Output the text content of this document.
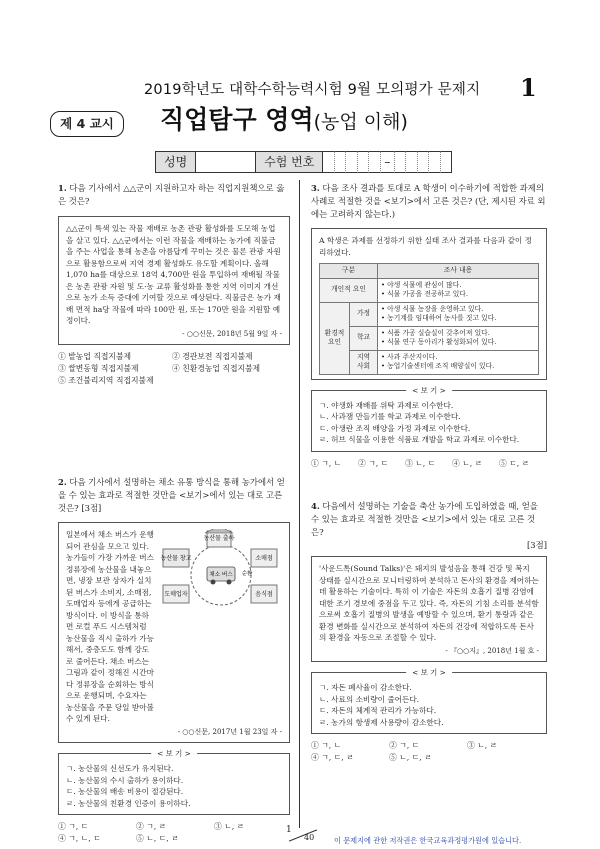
2019학년도 대학수학능력시험 9월 모의평가 문제지 1
제 4 교시	직업탐구 영역(농업 이해)
성명	수험 번호	–
1. 다음 기사에서 △△군이 지원하고자 하는 직업지원책으로 옳은 것은?
△△군이 특색 있는 작물 재배로 농촌 관광 활성화를 도모해 농업을 살고 있다. △△군에서는 이런 작물을 재배하는 농가에 직불금을 주는 사업을 통해 농촌을 아름답게 꾸미는 것은 물론 관광 자원으로 활용함으로써 지역 경제 활성화도 유도할 계획이다. 올해 1,070 ha를 대상으로 18억 4,700만 원을 투입하여 재배될 작물은 농촌 관광 자원 및 도·농 교류 활성화를 통한 지역 이미지 개선으로 농가 소득 증대에 기여할 것으로 예상된다. 직불금은 농가 재배 면적 ha당 작물에 따라 100만 원, 또는 170만 원을 지원할 예정이다.
- ○○신문, 2018년 5월 9일 자 -
① 밭농업 직접지불제	② 경관보전 직접지불제
③ 쌀변동형 직접지불제	④ 친환경농업 직접지불제
⑤ 조건불리지역 직접지불제
2. 다음 기사에서 설명하는 채소 유통 방식을 통해 농가에서 얻을 수 있는 효과로 적절한 것만을 <보기>에서 있는 대로 고른 것은? [3점]
농산물 출하
소매점
음식점
도매업자
농산물 창고
채소 버스 순환
일본에서 채소 버스가 운행되어 관심을 모으고 있다. 농가들이 가장 가까운 버스 정류장에 농산물을 내놓으면, 냉장 보관 상자가 실치된 버스가 소비지, 소매점, 도매업자 등에게 공급하는 방식이다. 이 방식을 통하면 로컬 푸드 시스템처럼 농산물을 직시 출하가 가능해서, 중층도도 함께 강도로 줄어든다. 채소 버스는 그림과 같이 정해진 시간마다 정류장을 순회하는 방식으로 운행되며, 수요자는 농산물을 주문 당일 받아볼 수 있게 된다.
- ○○신문, 2017년 1월 23일 자 -
< 보 기 >
ㄱ. 농산물의 신선도가 유지된다.
ㄴ. 농산물의 수시 출하가 용이하다.
ㄷ. 농산물의 배송 비용이 절감된다.
ㄹ. 농산물의 친환경 인증이 용이하다.
① ㄱ, ㄷ	② ㄱ, ㄹ	③ ㄴ, ㄹ
④ ㄱ, ㄴ, ㄷ	⑤ ㄴ, ㄷ, ㄹ
3. 다음 조사 결과를 토대로 A 학생이 이수하기에 적합한 과제의 사례로 적절한 것을 <보기>에서 고른 것은? (단, 제시된 자료 외에는 고려하지 않는다.)
A 학생은 과제를 선정하기 위한 실태 조사 결과를 다음과 같이 정리하였다.
구분		조사 내용
개인적 요인		• 야생 식물에 관심이 많다.
• 식물 가공을 전공하고 있다.

환경적 요인	가정	• 아생 식물 농장을 운영하고 있다.
• 농기계를 임대하여 농사를 짓고 있다.

	학교	• 식품 가공 실습실이 갖추어져 있다.
• 식물 연구 동아리가 활성화되어 있다.

	지역 사회	• 사과 주산지이다.
• 농업기술센터에 조직 배양실이 있다.
< 보 기 >
ㄱ. 야생화 재배를 위탁 과제로 이수한다.
ㄴ. 사과잼 만들기를 학교 과제로 이수한다.
ㄷ. 아생란 조직 배양을 가정 과제로 이수한다.
ㄹ. 허브 식물을 이용한 식품료 개발을 학교 과제로 이수한다.
① ㄱ, ㄴ	② ㄱ, ㄷ	③ ㄴ, ㄷ	④ ㄴ, ㄹ	⑤ ㄷ, ㄹ
4. 다음에서 설명하는 기술을 축산 농가에 도입하였을 때, 얻을 수 있는 효과로 적절한 것만을 <보기>에서 있는 대로 고른 것은?
[3점]
'사운드톡(Sound Talks)'은 돼지의 발성음을 통해 건강 및 복지 상태를 실시간으로 모니터링하여 분석하고 돈사의 환경을 제어하는 데 활용하는 기술이다. 특히 이 기술은 자돈의 호흡기 질병 감염에 대한 조기 경보에 중점을 두고 있다. 즉, 자돈의 기침 소리를 분석함으로써 호흡기 질병의 발생을 예방할 수 있으며, 환기 통랑과 같은 환경 변화를 실시간으로 분석하여 자돈의 건강에 적합하도록 돈사의 환경을 자동으로 조절할 수 있다.
- 『○○지』, 2018년 1월 호 -
< 보 기 >
ㄱ. 자돈 폐사율이 감소한다.
ㄴ. 사료의 소비량이 줄어든다.
ㄷ. 자돈의 체계적 관리가 가능하다.
ㄹ. 농가의 항생제 사용량이 감소한다.
① ㄱ, ㄴ	② ㄱ, ㄷ	③ ㄴ, ㄹ
④ ㄱ, ㄷ, ㄹ	⑤ ㄴ, ㄷ, ㄹ
1
40	이 문제지에 관한 저작권은 한국교육과정평가원에 있습니다.
